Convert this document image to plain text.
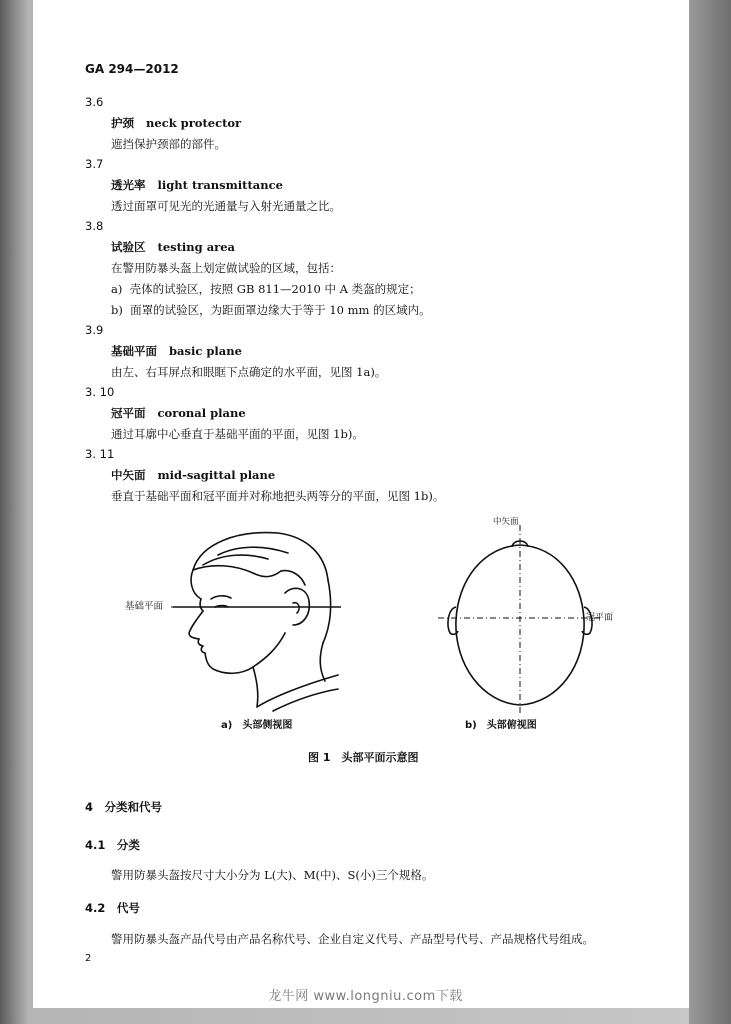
GA 294—2012
3.6
护颈 neck protector
遮挡保护颈部的部件。
3.7
透光率 light transmittance
透过面罩可见光的光通量与入射光通量之比。
3.8
试验区 testing area
在警用防暴头盔上划定做试验的区域，包括：
a) 壳体的试验区，按照 GB 811—2010 中 A 类盔的规定；
b) 面罩的试验区，为距面罩边缘大于等于 10 mm 的区域内。
3.9
基础平面 basic plane
由左、右耳屏点和眼眶下点确定的水平面，见图 1a)。
3. 10
冠平面 coronal plane
通过耳廓中心垂直于基础平面的平面，见图 1b)。
3. 11
中矢面 mid-sagittal plane
垂直于基础平面和冠平面并对称地把头两等分的平面，见图 1b)。
基础平面
中矢面
冠平面
a)　头部侧视图	b)　头部俯视图
图 1　头部平面示意图
4　分类和代号
4.1　分类
警用防暴头盔按尺寸大小分为 L(大)、M(中)、S(小)三个规格。
4.2　代号
警用防暴头盔产品代号由产品名称代号、企业自定义代号、产品型号代号、产品规格代号组成。
2
龙牛网 www.longniu.com下载
